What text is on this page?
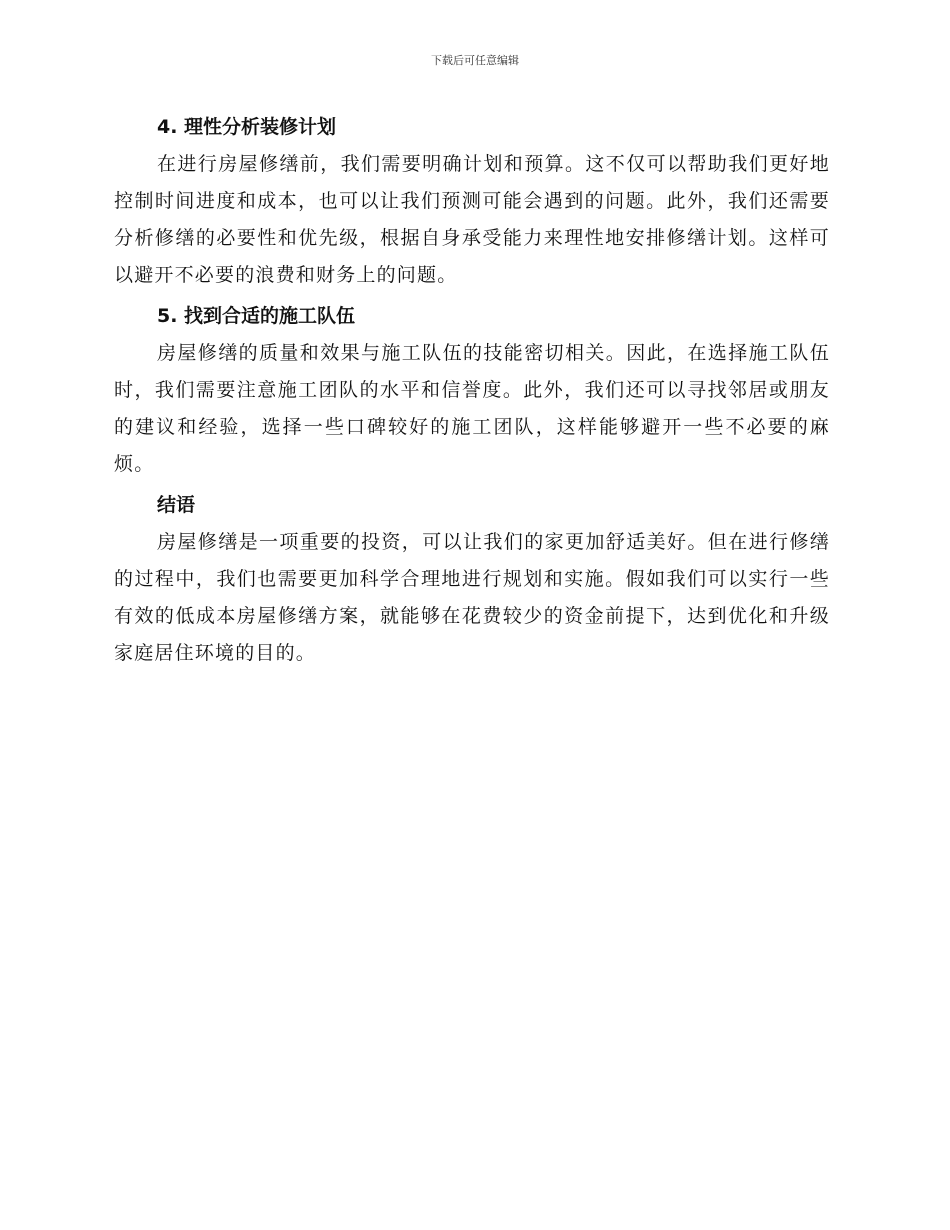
下载后可任意编辑
4. 理性分析装修计划

在进行房屋修缮前，我们需要明确计划和预算。这不仅可以帮助我们更好地控制时间进度和成本，也可以让我们预测可能会遇到的问题。此外，我们还需要分析修缮的必要性和优先级，根据自身承受能力来理性地安排修缮计划。这样可以避开不必要的浪费和财务上的问题。

5. 找到合适的施工队伍

房屋修缮的质量和效果与施工队伍的技能密切相关。因此，在选择施工队伍时，我们需要注意施工团队的水平和信誉度。此外，我们还可以寻找邻居或朋友的建议和经验，选择一些口碑较好的施工团队，这样能够避开一些不必要的麻烦。

结语

房屋修缮是一项重要的投资，可以让我们的家更加舒适美好。但在进行修缮的过程中，我们也需要更加科学合理地进行规划和实施。假如我们可以实行一些有效的低成本房屋修缮方案，就能够在花费较少的资金前提下，达到优化和升级家庭居住环境的目的。
